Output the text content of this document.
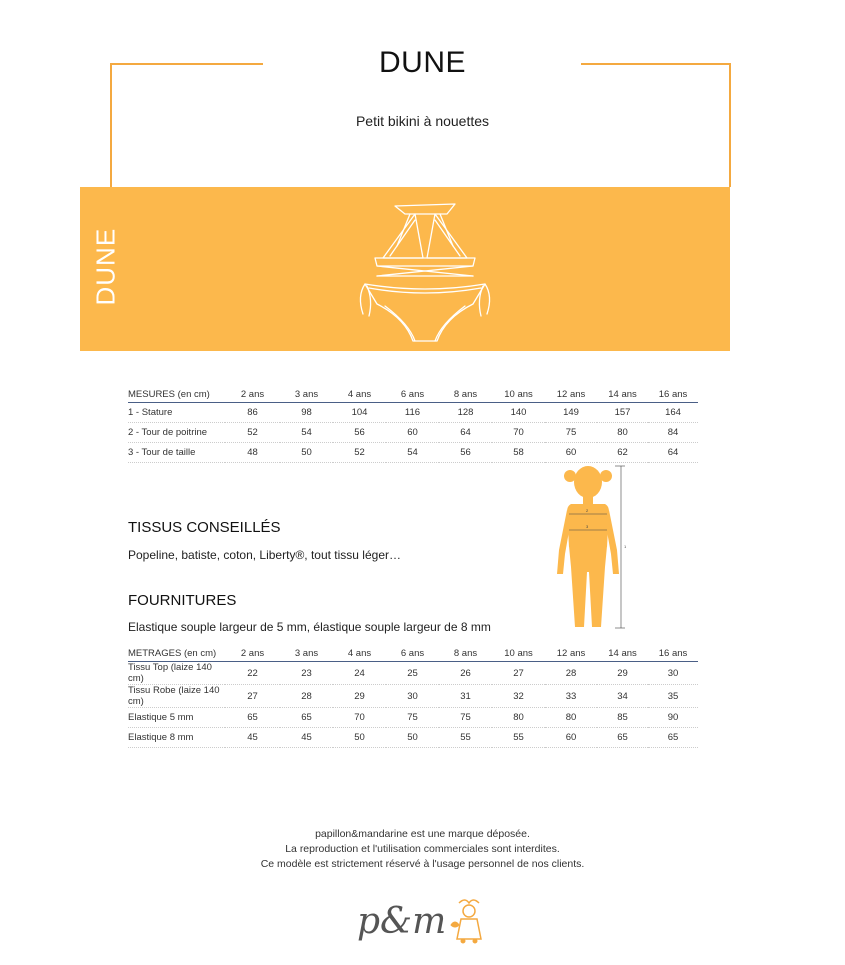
DUNE
Petit bikini à nouettes
DUNE
MESURES (en cm)	2 ans	3 ans	4 ans	6 ans	8 ans	10 ans	12 ans	14 ans	16 ans
1 - Stature	86	98	104	116	128	140	149	157	164
2 - Tour de poitrine	52	54	56	60	64	70	75	80	84
3 - Tour de taille	48	50	52	54	56	58	60	62	64
TISSUS CONSEILLÉS
Popeline, batiste, coton, Liberty®, tout tissu léger…
FOURNITURES
Elastique souple largeur de 5 mm, élastique souple largeur de 8 mm
1
2
3
METRAGES (en cm)	2 ans	3 ans	4 ans	6 ans	8 ans	10 ans	12 ans	14 ans	16 ans
Tissu Top (laize 140 cm)	22	23	24	25	26	27	28	29	30
Tissu Robe (laize 140 cm)	27	28	29	30	31	32	33	34	35
Elastique 5 mm	65	65	70	75	75	80	80	85	90
Elastique 8 mm	45	45	50	50	55	55	60	65	65
papillon&mandarine est une marque déposée.
La reproduction et l'utilisation commerciales sont interdites.
Ce modèle est strictement réservé à l'usage personnel de nos clients.
p&m
